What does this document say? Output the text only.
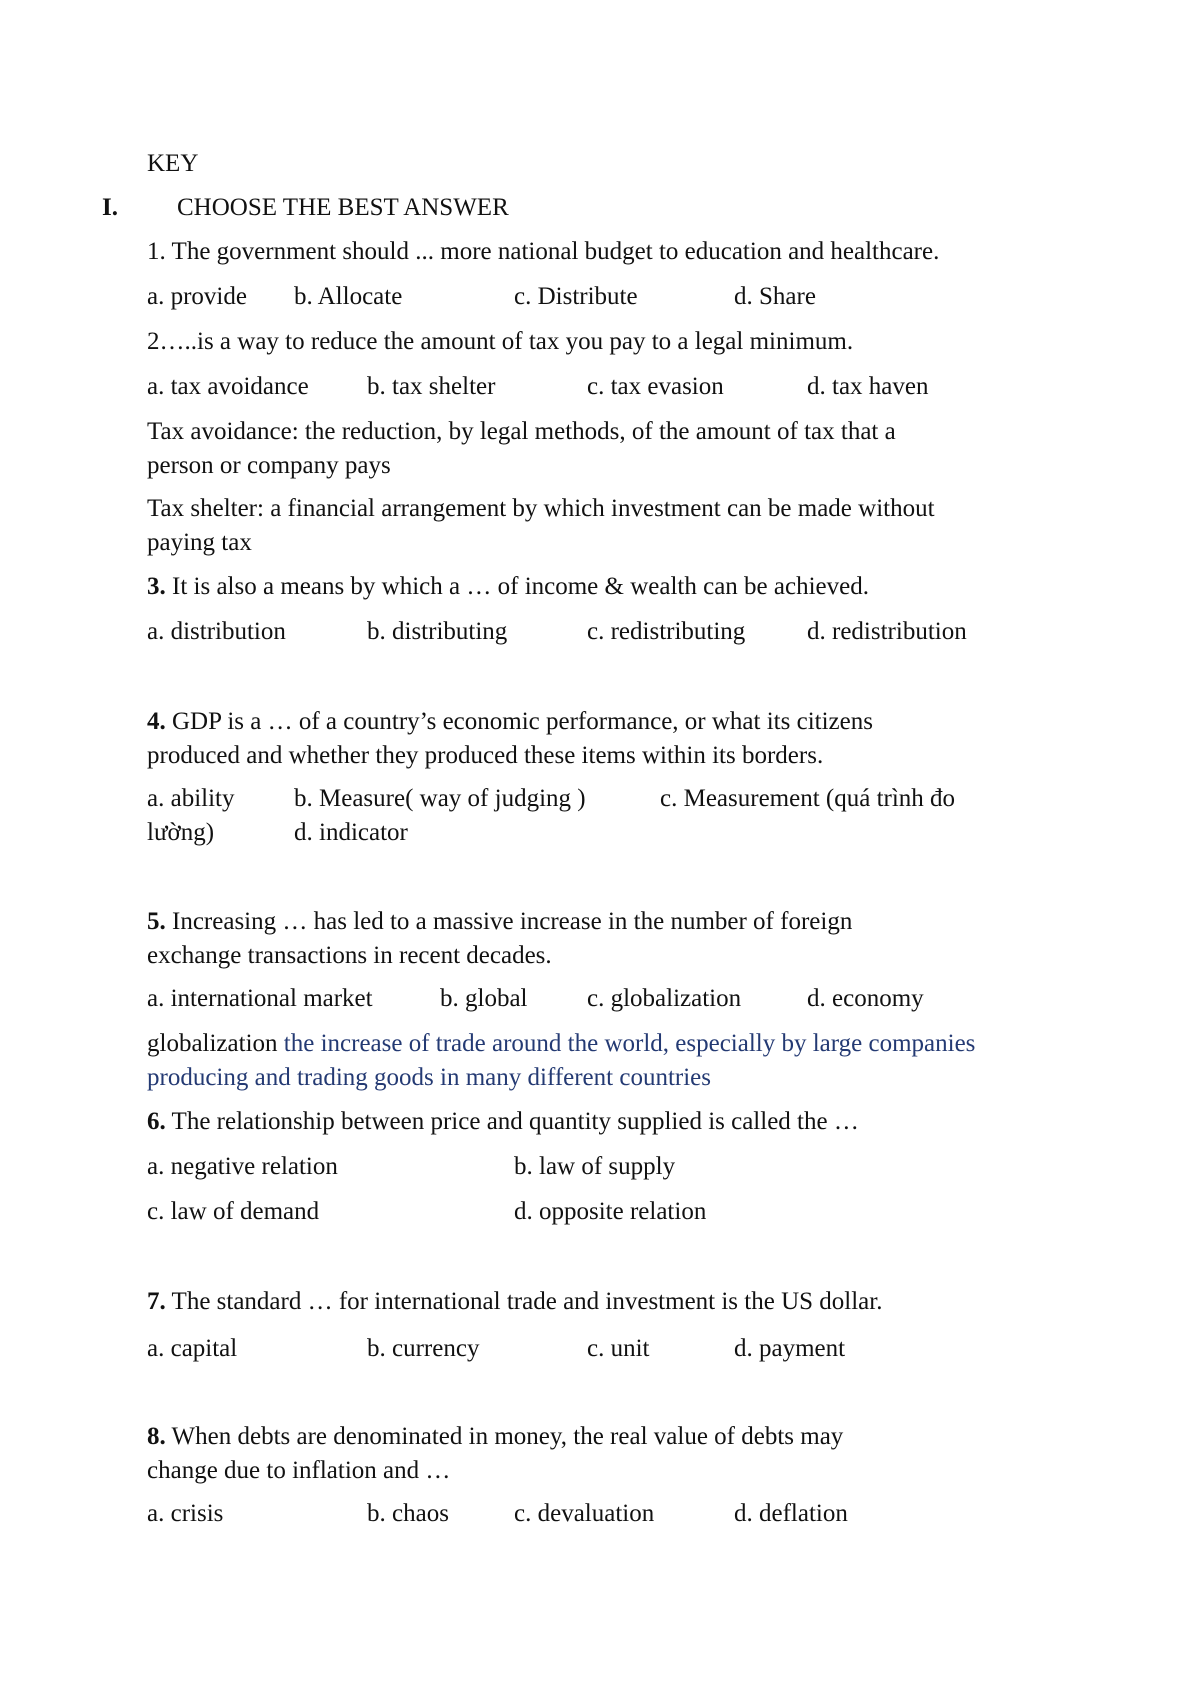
KEY
I. CHOOSE THE BEST ANSWER
1. The government should ... more national budget to education and healthcare.
a. provide b. Allocate	c. Distribute	d. Share
2…..is a way to reduce the amount of tax you pay to a legal minimum.
a. tax avoidance b. tax shelter	c. tax evasion	d. tax haven
Tax avoidance: the reduction, by legal methods, of the amount of tax that a
person or company pays
Tax shelter: a financial arrangement by which investment can be made without
paying tax
3. It is also a means by which a … of income & wealth can be achieved.
a. distribution	b. distributing	c. redistributing d. redistribution
4. GDP is a … of a country’s economic performance, or what its citizens
produced and whether they produced these items within its borders.
a. ability b. Measure( way of judging )	c. Measurement (quá trình đo
lường)	d. indicator
5. Increasing … has led to a massive increase in the number of foreign
exchange transactions in recent decades.
a. international market	b. global c. globalization	d. economy
globalization the increase of trade around the world, especially by large companies
producing and trading goods in many different countries
6. The relationship between price and quantity supplied is called the …
a. negative relation	b. law of supply
c. law of demand	d. opposite relation
7. The standard … for international trade and investment is the US dollar.
a. capital	b. currency	c. unit	d. payment
8. When debts are denominated in money, the real value of debts may
change due to inflation and …
a. crisis	b. chaos	c. devaluation	d. deflation
